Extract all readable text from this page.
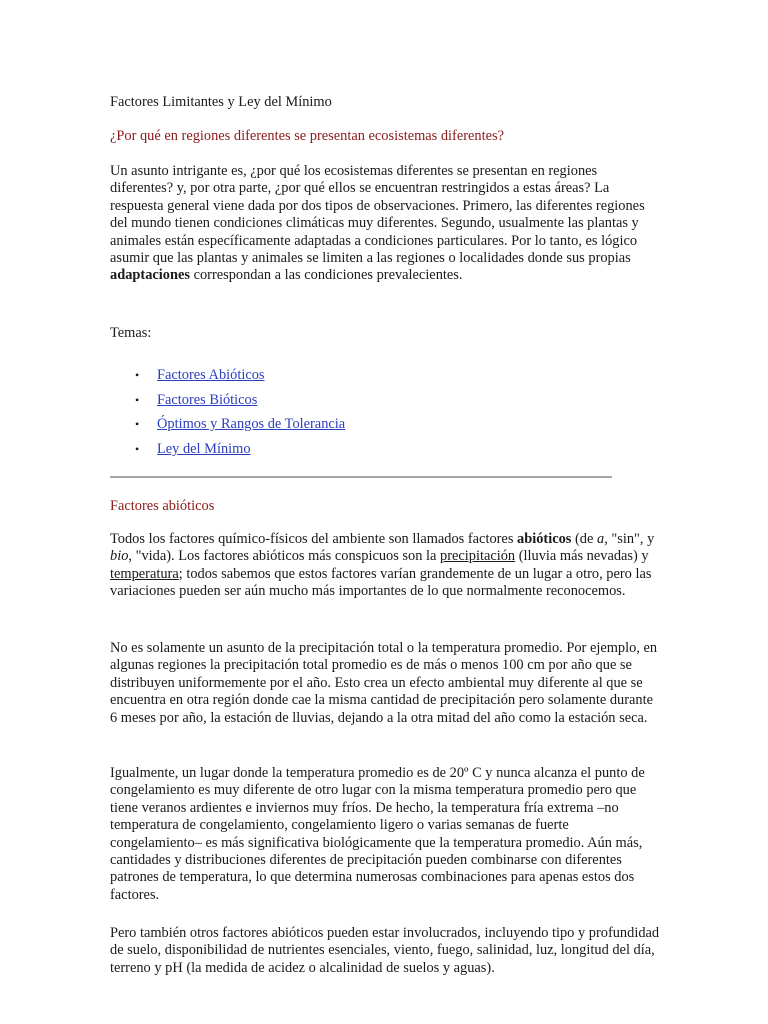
Factores Limitantes y Ley del Mínimo
¿Por qué en regiones diferentes se presentan ecosistemas diferentes?

Un asunto intrigante es, ¿por qué los ecosistemas diferentes se presentan en regiones diferentes? y, por otra parte, ¿por qué ellos se encuentran restringidos a estas áreas? La respuesta general viene dada por dos tipos de observaciones. Primero, las diferentes regiones del mundo tienen condiciones climáticas muy diferentes. Segundo, usualmente las plantas y animales están específicamente adaptadas a condiciones particulares. Por lo tanto, es lógico asumir que las plantas y animales se limiten a las regiones o localidades donde sus propias adaptaciones correspondan a las condiciones prevalecientes.

Temas:

• Factores Abióticos
• Factores Bióticos
• Óptimos y Rangos de Tolerancia
• Ley del Mínimo
Factores abióticos

Todos los factores químico-físicos del ambiente son llamados factores abióticos (de a, "sin", y bio, "vida). Los factores abióticos más conspicuos son la precipitación (lluvia más nevadas) y temperatura; todos sabemos que estos factores varían grandemente de un lugar a otro, pero las variaciones pueden ser aún mucho más importantes de lo que normalmente reconocemos.

No es solamente un asunto de la precipitación total o la temperatura promedio. Por ejemplo, en algunas regiones la precipitación total promedio es de más o menos 100 cm por año que se distribuyen uniformemente por el año. Esto crea un efecto ambiental muy diferente al que se encuentra en otra región donde cae la misma cantidad de precipitación pero solamente durante 6 meses por año, la estación de lluvias, dejando a la otra mitad del año como la estación seca.

Igualmente, un lugar donde la temperatura promedio es de 20º C y nunca alcanza el punto de congelamiento es muy diferente de otro lugar con la misma temperatura promedio pero que tiene veranos ardientes e inviernos muy fríos. De hecho, la temperatura fría extrema –no temperatura de congelamiento, congelamiento ligero o varias semanas de fuerte congelamiento– es más significativa biológicamente que la temperatura promedio. Aún más, cantidades y distribuciones diferentes de precipitación pueden combinarse con diferentes patrones de temperatura, lo que determina numerosas combinaciones para apenas estos dos factores.

Pero también otros factores abióticos pueden estar involucrados, incluyendo tipo y profundidad de suelo, disponibilidad de nutrientes esenciales, viento, fuego, salinidad, luz, longitud del día, terreno y pH (la medida de acidez o alcalinidad de suelos y aguas).
